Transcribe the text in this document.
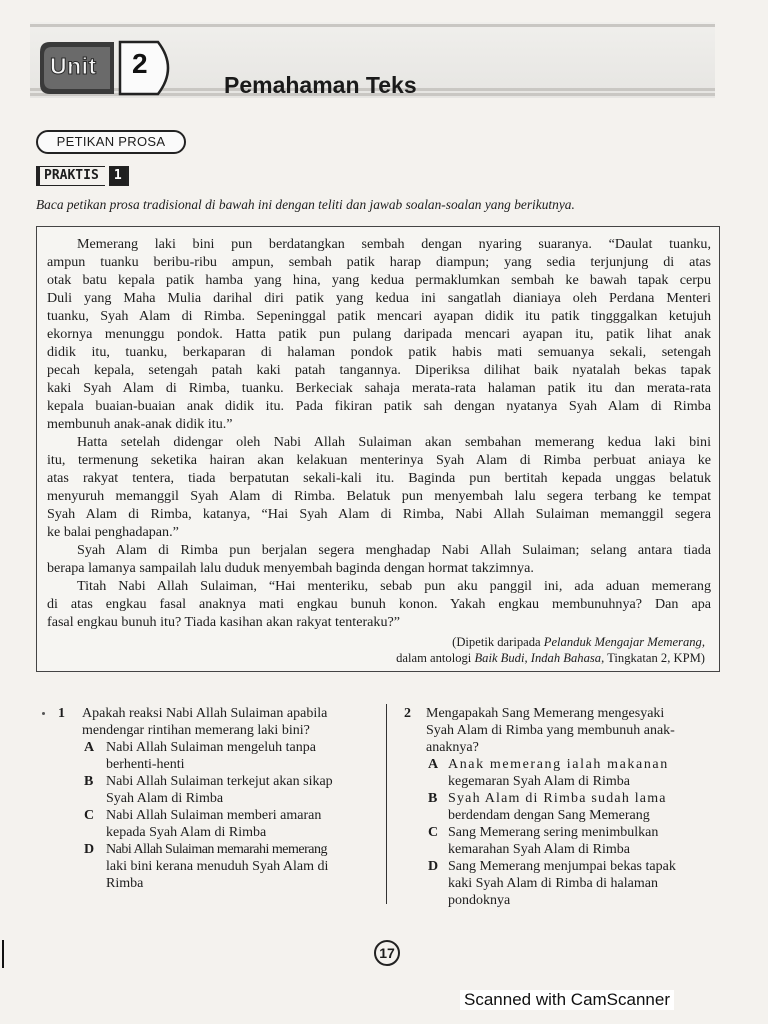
Unit 2
Pemahaman Teks
PETIKAN PROSA
PRAKTIS 1
Baca petikan prosa tradisional di bawah ini dengan teliti dan jawab soalan-soalan yang berikutnya.
Memerang laki bini pun berdatangkan sembah dengan nyaring suaranya. “Daulat tuanku,
ampun tuanku beribu-ribu ampun, sembah patik harap diampun; yang sedia terjunjung di atas
otak batu kepala patik hamba yang hina, yang kedua permaklumkan sembah ke bawah tapak cerpu
Duli yang Maha Mulia darihal diri patik yang kedua ini sangatlah dianiaya oleh Perdana Menteri
tuanku, Syah Alam di Rimba. Sepeninggal patik mencari ayapan didik itu patik tingggalkan ketujuh
ekornya menunggu pondok. Hatta patik pun pulang daripada mencari ayapan itu, patik lihat anak
didik itu, tuanku, berkaparan di halaman pondok patik habis mati semuanya sekali, setengah
pecah kepala, setengah patah kaki patah tangannya. Diperiksa dilihat baik nyatalah bekas tapak
kaki Syah Alam di Rimba, tuanku. Berkeciak sahaja merata-rata halaman patik itu dan merata-rata
kepala buaian-buaian anak didik itu. Pada fikiran patik sah dengan nyatanya Syah Alam di Rimba
membunuh anak-anak didik itu.”
Hatta setelah didengar oleh Nabi Allah Sulaiman akan sembahan memerang kedua laki bini
itu, termenung seketika hairan akan kelakuan menterinya Syah Alam di Rimba perbuat aniaya ke
atas rakyat tentera, tiada berpatutan sekali-kali itu. Baginda pun bertitah kepada unggas belatuk
menyuruh memanggil Syah Alam di Rimba. Belatuk pun menyembah lalu segera terbang ke tempat
Syah Alam di Rimba, katanya, “Hai Syah Alam di Rimba, Nabi Allah Sulaiman memanggil segera
ke balai penghadapan.”
Syah Alam di Rimba pun berjalan segera menghadap Nabi Allah Sulaiman; selang antara tiada
berapa lamanya sampailah lalu duduk menyembah baginda dengan hormat takzimnya.
Titah Nabi Allah Sulaiman, “Hai menteriku, sebab pun aku panggil ini, ada aduan memerang
di atas engkau fasal anaknya mati engkau bunuh konon. Yakah engkau membunuhnya? Dan apa
fasal engkau bunuh itu? Tiada kasihan akan rakyat tenteraku?”
(Dipetik daripada Pelanduk Mengajar Memerang,
dalam antologi Baik Budi, Indah Bahasa, Tingkatan 2, KPM)
1 Apakah reaksi Nabi Allah Sulaiman apabila
mendengar rintihan memerang laki bini?
A Nabi Allah Sulaiman mengeluh tanpa
berhenti-henti
B Nabi Allah Sulaiman terkejut akan sikap
Syah Alam di Rimba
C Nabi Allah Sulaiman memberi amaran
kepada Syah Alam di Rimba
D Nabi Allah Sulaiman memarahi memerang
laki bini kerana menuduh Syah Alam di
Rimba
2 Mengapakah Sang Memerang mengesyaki
Syah Alam di Rimba yang membunuh anak-
anaknya?
A Anak memerang ialah makanan
kegemaran Syah Alam di Rimba
B Syah Alam di Rimba sudah lama
berdendam dengan Sang Memerang
C Sang Memerang sering menimbulkan
kemarahan Syah Alam di Rimba
D Sang Memerang menjumpai bekas tapak
kaki Syah Alam di Rimba di halaman
pondoknya
17
Scanned with CamScanner
